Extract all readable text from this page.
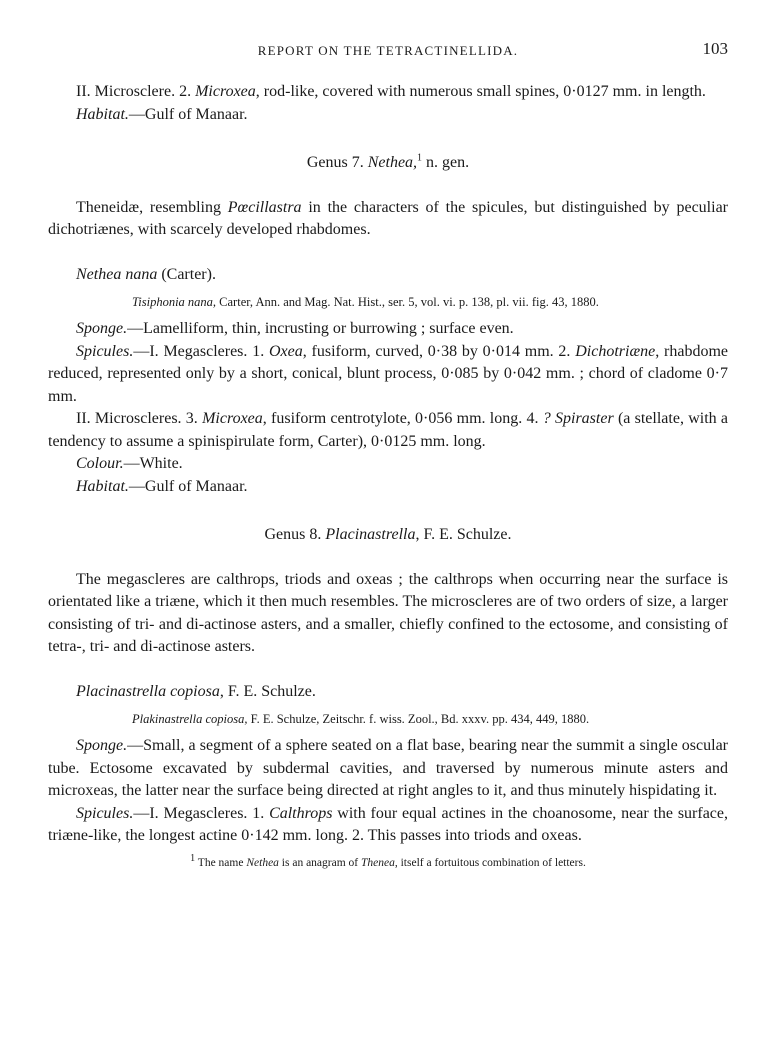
REPORT ON THE TETRACTINELLIDA.	103

II. Microsclere. 2. Microxea, rod-like, covered with numerous small spines, 0·0127 mm. in length.

Habitat.—Gulf of Manaar.

Genus 7. Nethea,$^1$ n. gen.

Theneidæ, resembling Pœcillastra in the characters of the spicules, but distinguished by peculiar dichotriænes, with scarcely developed rhabdomes.

Nethea nana (Carter).

Tisiphonia nana, Carter, Ann. and Mag. Nat. Hist., ser. 5, vol. vi. p. 138, pl. vii. fig. 43, 1880.

Sponge.—Lamelliform, thin, incrusting or burrowing ; surface even.

Spicules.—I. Megascleres. 1. Oxea, fusiform, curved, 0·38 by 0·014 mm. 2. Dichotriæne, rhabdome reduced, represented only by a short, conical, blunt process, 0·085 by 0·042 mm. ; chord of cladome 0·7 mm.

II. Microscleres. 3. Microxea, fusiform centrotylote, 0·056 mm. long. 4. ? Spiraster (a stellate, with a tendency to assume a spinispirulate form, Carter), 0·0125 mm. long.

Colour.—White.

Habitat.—Gulf of Manaar.

Genus 8. Placinastrella, F. E. Schulze.

The megascleres are calthrops, triods and oxeas ; the calthrops when occurring near the surface is orientated like a triæne, which it then much resembles. The microscleres are of two orders of size, a larger consisting of tri- and di-actinose asters, and a smaller, chiefly confined to the ectosome, and consisting of tetra-, tri- and di-actinose asters.

Placinastrella copiosa, F. E. Schulze.

Plakinastrella copiosa, F. E. Schulze, Zeitschr. f. wiss. Zool., Bd. xxxv. pp. 434, 449, 1880.

Sponge.—Small, a segment of a sphere seated on a flat base, bearing near the summit a single oscular tube. Ectosome excavated by subdermal cavities, and traversed by numerous minute asters and microxeas, the latter near the surface being directed at right angles to it, and thus minutely hispidating it.

Spicules.—I. Megascleres. 1. Calthrops with four equal actines in the choanosome, near the surface, triæne-like, the longest actine 0·142 mm. long. 2. This passes into triods and oxeas.

$^1$ The name Nethea is an anagram of Thenea, itself a fortuitous combination of letters.
